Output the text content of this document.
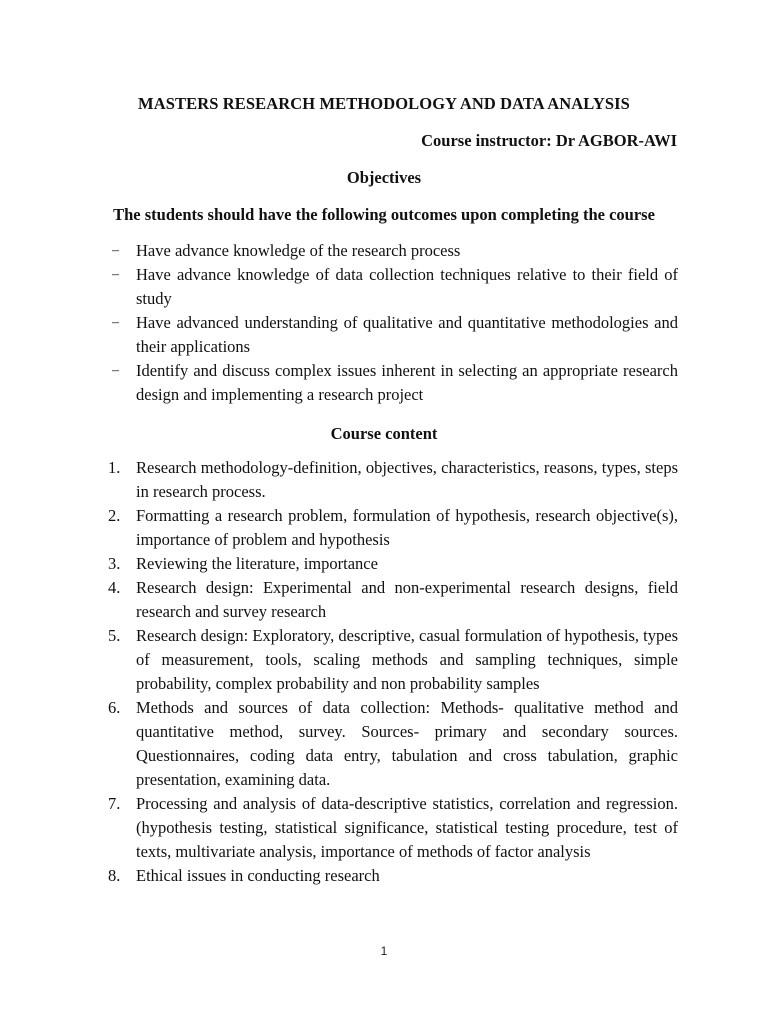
MASTERS RESEARCH METHODOLOGY AND DATA ANALYSIS
Course instructor: Dr AGBOR-AWI
Objectives
The students should have the following outcomes upon completing the course
–	Have advance knowledge of the research process
–	Have advance knowledge of data collection techniques relative to their field of study
–	Have advanced understanding of qualitative and quantitative methodologies and their applications
–	Identify and discuss complex issues inherent in selecting an appropriate research design and implementing a research project
Course content
1. Research methodology-definition, objectives, characteristics, reasons, types, steps in research process.
2. Formatting a research problem, formulation of hypothesis, research objective(s), importance of problem and hypothesis
3. Reviewing the literature, importance
4. Research design: Experimental and non-experimental research designs, field research and survey research
5. Research design: Exploratory, descriptive, casual formulation of hypothesis, types of measurement, tools, scaling methods and sampling techniques, simple probability, complex probability and non probability samples
6. Methods and sources of data collection: Methods- qualitative method and quantitative method, survey. Sources- primary and secondary sources. Questionnaires, coding data entry, tabulation and cross tabulation, graphic presentation, examining data.
7. Processing and analysis of data-descriptive statistics, correlation and regression. (hypothesis testing, statistical significance, statistical testing procedure, test of texts, multivariate analysis, importance of methods of factor analysis
8. Ethical issues in conducting research
1
